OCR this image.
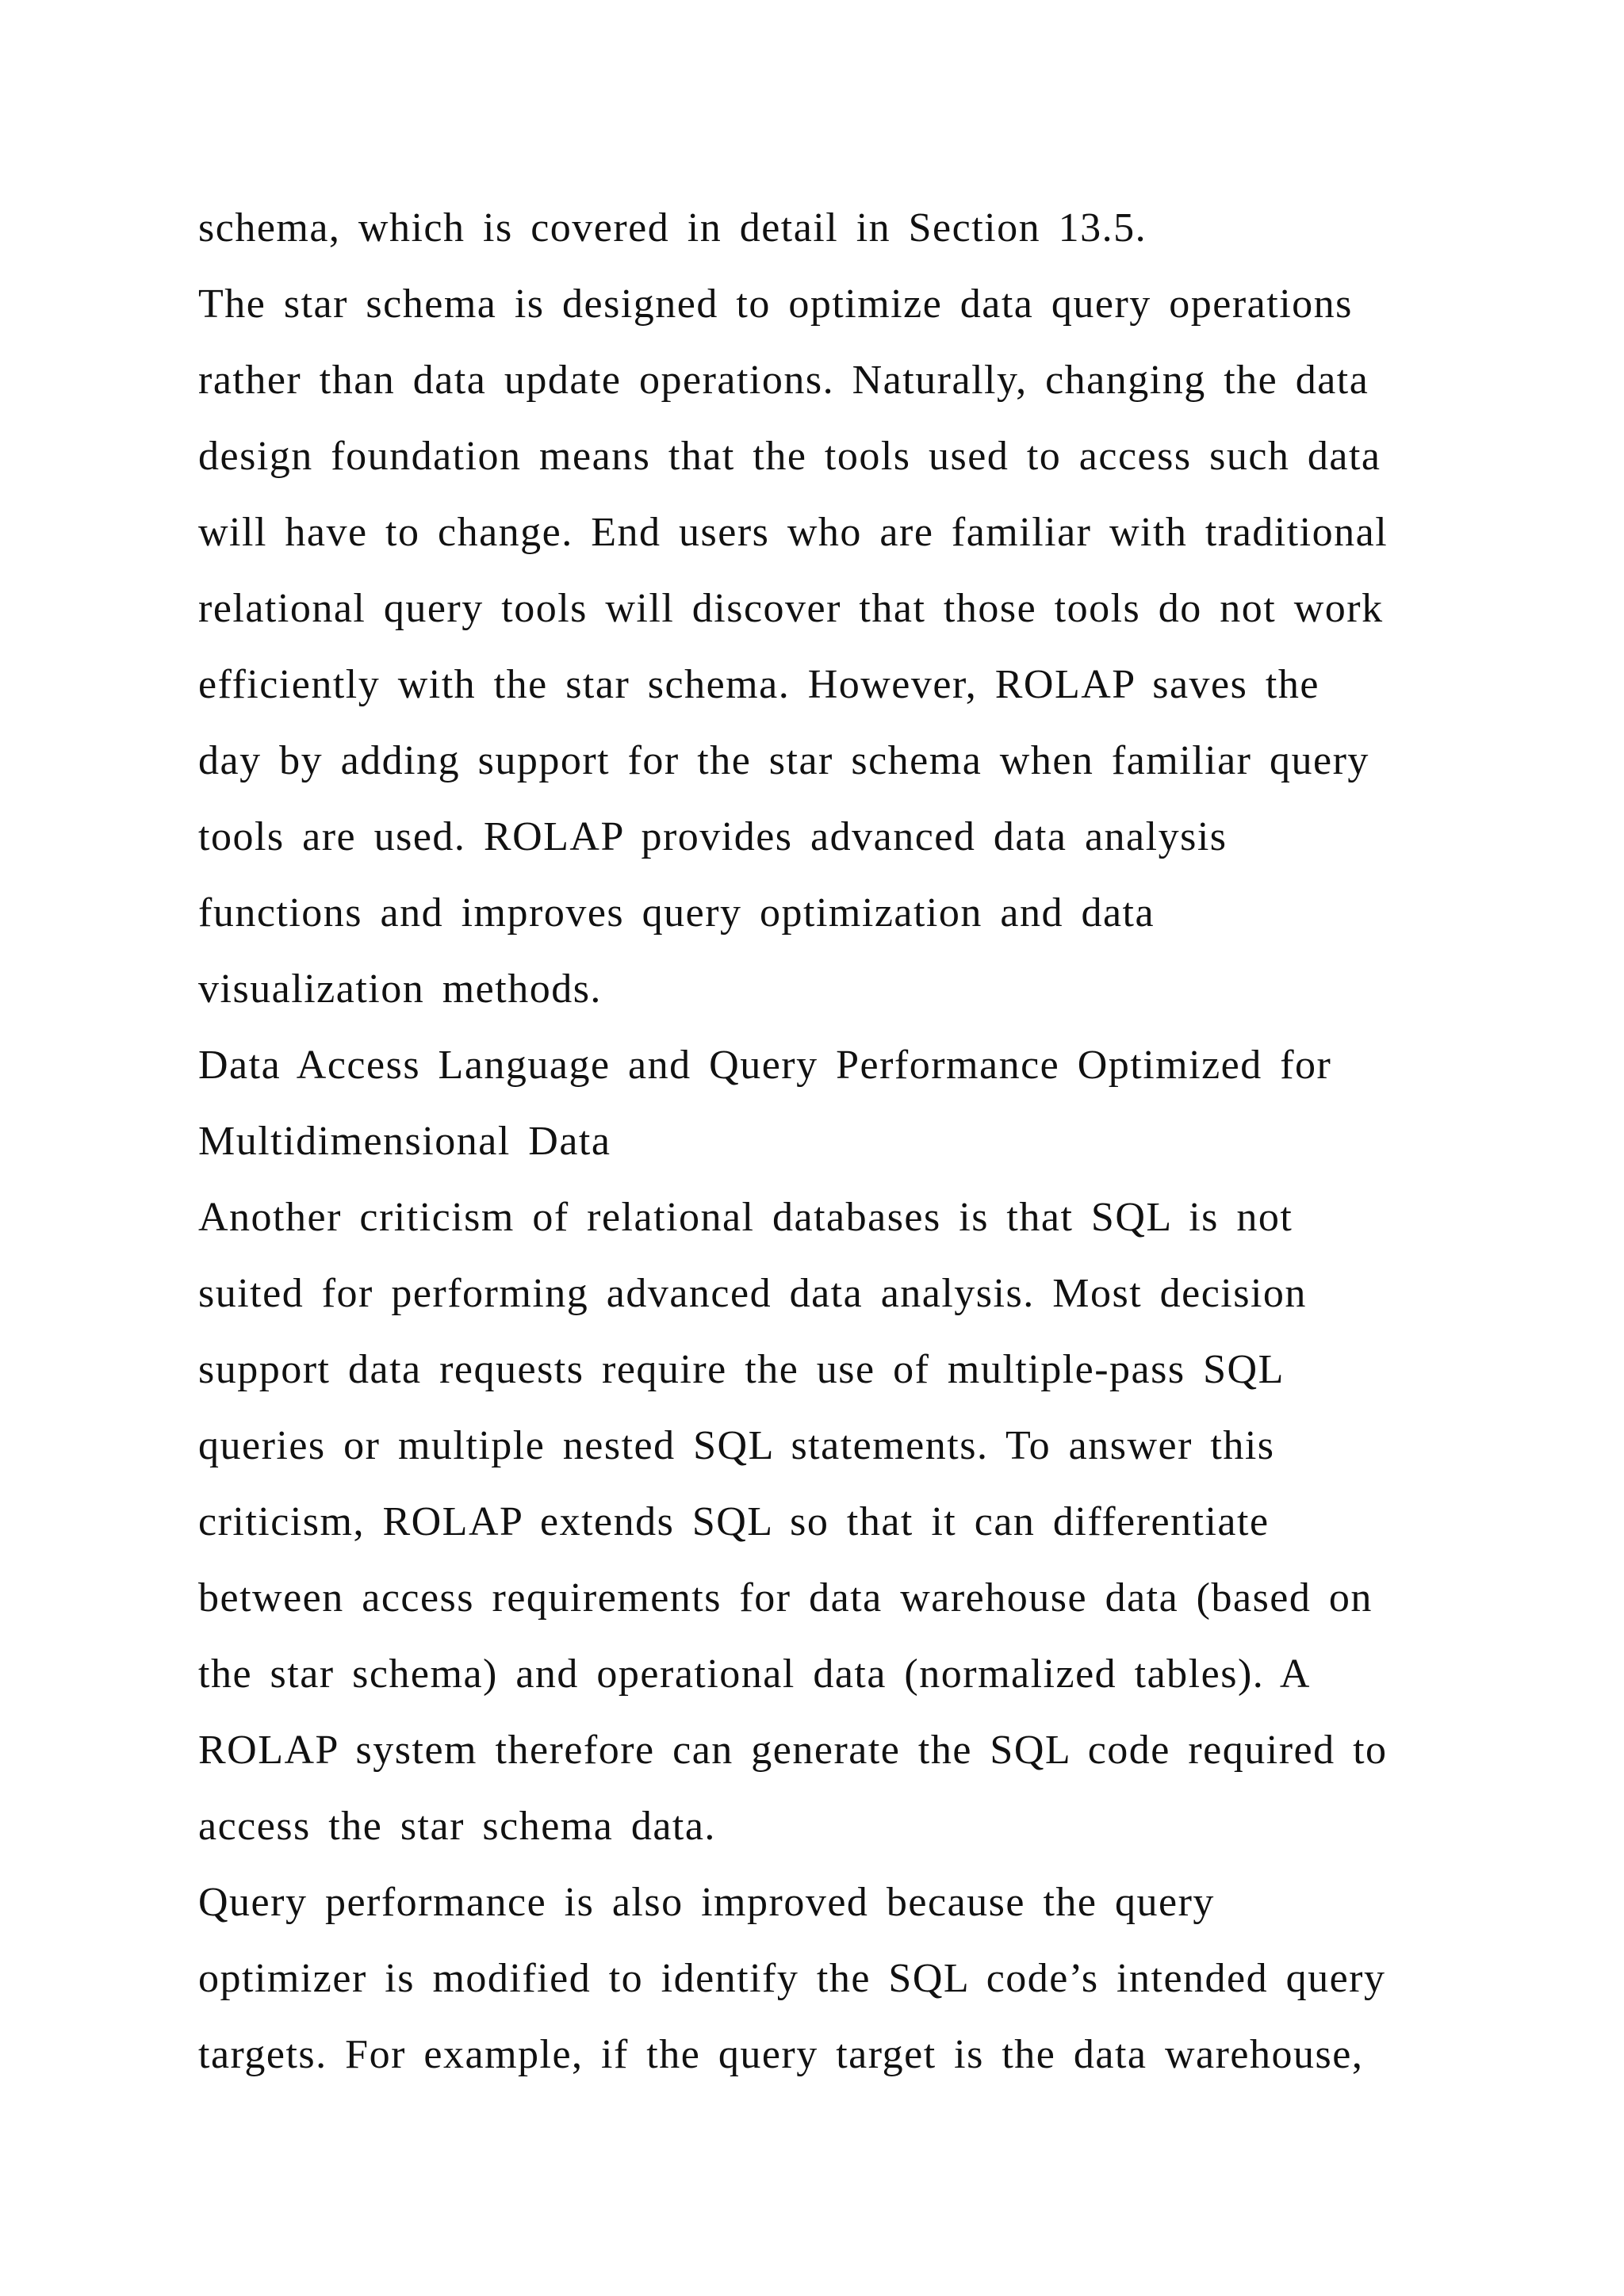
schema, which is covered in detail in Section 13.5.
The star schema is designed to optimize data query operations
rather than data update operations. Naturally, changing the data
design foundation means that the tools used to access such data
will have to change. End users who are familiar with traditional
relational query tools will discover that those tools do not work
efficiently with the star schema. However, ROLAP saves the
day by adding support for the star schema when familiar query
tools are used. ROLAP provides advanced data analysis
functions and improves query optimization and data
visualization methods.
Data Access Language and Query Performance Optimized for
Multidimensional Data
Another criticism of relational databases is that SQL is not
suited for performing advanced data analysis. Most decision
support data requests require the use of multiple-pass SQL
queries or multiple nested SQL statements. To answer this
criticism, ROLAP extends SQL so that it can differentiate
between access requirements for data warehouse data (based on
the star schema) and operational data (normalized tables). A
ROLAP system therefore can generate the SQL code required to
access the star schema data.
Query performance is also improved because the query
optimizer is modified to identify the SQL code’s intended query
targets. For example, if the query target is the data warehouse,
